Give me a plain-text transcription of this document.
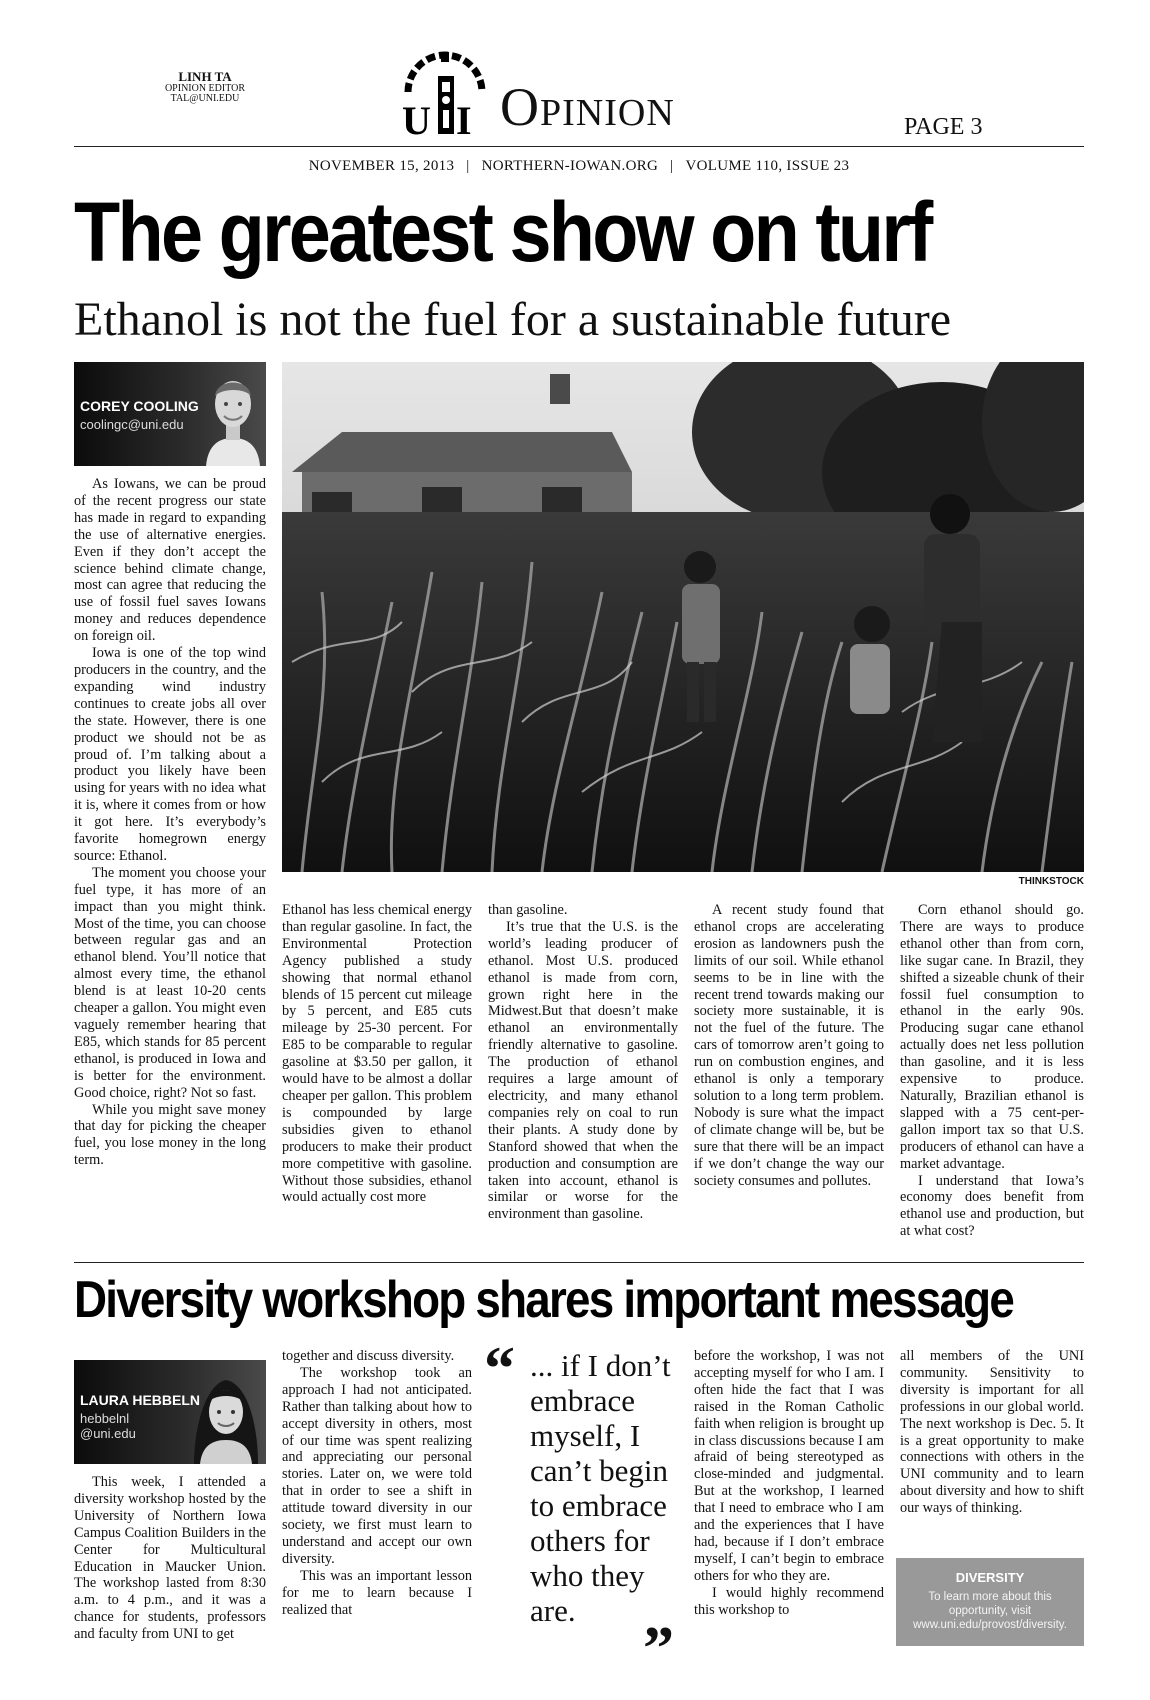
LINH TA
OPINION EDITOR
TAL@UNI.EDU	U I Opinion	PAGE 3
NOVEMBER 15, 2013 | NORTHERN-IOWAN.ORG | VOLUME 110, ISSUE 23
The greatest show on turf
Ethanol is not the fuel for a sustainable future
COREY COOLING
coolingc@uni.edu
THINKSTOCK

As Iowans, we can be proud of the recent progress our state has made in regard to expanding the use of alternative energies. Even if they don’t accept the science behind climate change, most can agree that reducing the use of fossil fuel saves Iowans money and reduces dependence on foreign oil.

Iowa is one of the top wind producers in the country, and the expanding wind industry continues to create jobs all over the state. However, there is one product we should not be as proud of. I’m talking about a product you likely have been using for years with no idea what it is, where it comes from or how it got here. It’s everybody’s favorite homegrown energy source: Ethanol.

The moment you choose your fuel type, it has more of an impact than you might think. Most of the time, you can choose between regular gas and an ethanol blend. You’ll notice that almost every time, the ethanol blend is at least 10-20 cents cheaper a gallon. You might even vaguely remember hearing that E85, which stands for 85 percent ethanol, is produced in Iowa and is better for the environment. Good choice, right? Not so fast.

While you might save money that day for picking the cheaper fuel, you lose money in the long term.

Ethanol has less chemical energy than regular gasoline. In fact, the Environmental Protection Agency published a study showing that normal ethanol blends of 15 percent cut mileage by 5 percent, and E85 cuts mileage by 25-30 percent. For E85 to be comparable to regular gasoline at $3.50 per gallon, it would have to be almost a dollar cheaper per gallon. This problem is compounded by large subsidies given to ethanol producers to make their product more competitive with gasoline. Without those subsidies, ethanol would actually cost more

than gasoline.

It’s true that the U.S. is the world’s leading producer of ethanol. Most U.S. produced ethanol is made from corn, grown right here in the Midwest.But that doesn’t make ethanol an environmentally friendly alternative to gasoline. The production of ethanol requires a large amount of electricity, and many ethanol companies rely on coal to run their plants. A study done by Stanford showed that when the production and consumption are taken into account, ethanol is similar or worse for the environment than gasoline.

A recent study found that ethanol crops are accelerating erosion as landowners push the limits of our soil. While ethanol seems to be in line with the recent trend towards making our society more sustainable, it is not the fuel of the future. The cars of tomorrow aren’t going to run on combustion engines, and ethanol is only a temporary solution to a long term problem. Nobody is sure what the impact of climate change will be, but be sure that there will be an impact if we don’t change the way our society consumes and pollutes.

Corn ethanol should go. There are ways to produce ethanol other than from corn, like sugar cane. In Brazil, they shifted a sizeable chunk of their fossil fuel consumption to ethanol in the early 90s. Producing sugar cane ethanol actually does net less pollution than gasoline, and it is less expensive to produce. Naturally, Brazilian ethanol is slapped with a 75 cent-per-gallon import tax so that U.S. producers of ethanol can have a market advantage.

I understand that Iowa’s economy does benefit from ethanol use and production, but at what cost?

Diversity workshop shares important message
LAURA HEBBELN
hebbelnl
@uni.edu

This week, I attended a diversity workshop hosted by the University of Northern Iowa Campus Coalition Builders in the Center for Multicultural Education in Maucker Union. The workshop lasted from 8:30 a.m. to 4 p.m., and it was a chance for students, professors and faculty from UNI to get

together and discuss diversity.

The workshop took an approach I had not anticipated. Rather than talking about how to accept diversity in others, most of our time was spent realizing and appreciating our personal stories. Later on, we were told that in order to see a shift in attitude toward diversity in our society, we first must learn to understand and accept our own diversity.

This was an important lesson for me to learn because I realized that

“ ... if I don’t embrace myself, I can’t begin to embrace others for who they are.
”

before the workshop, I was not accepting myself for who I am. I often hide the fact that I was raised in the Roman Catholic faith when religion is brought up in class discussions because I am afraid of being stereotyped as close-minded and judgmental. But at the workshop, I learned that I need to embrace who I am and the experiences that I have had, because if I don’t embrace myself, I can’t begin to embrace others for who they are.

I would highly recommend this workshop to

all members of the UNI community. Sensitivity to diversity is important for all professions in our global world. The next workshop is Dec. 5. It is a great opportunity to make connections with others in the UNI community and to learn about diversity and how to shift our ways of thinking.

DIVERSITY
To learn more about this opportunity, visit www.uni.edu/provost/diversity.
